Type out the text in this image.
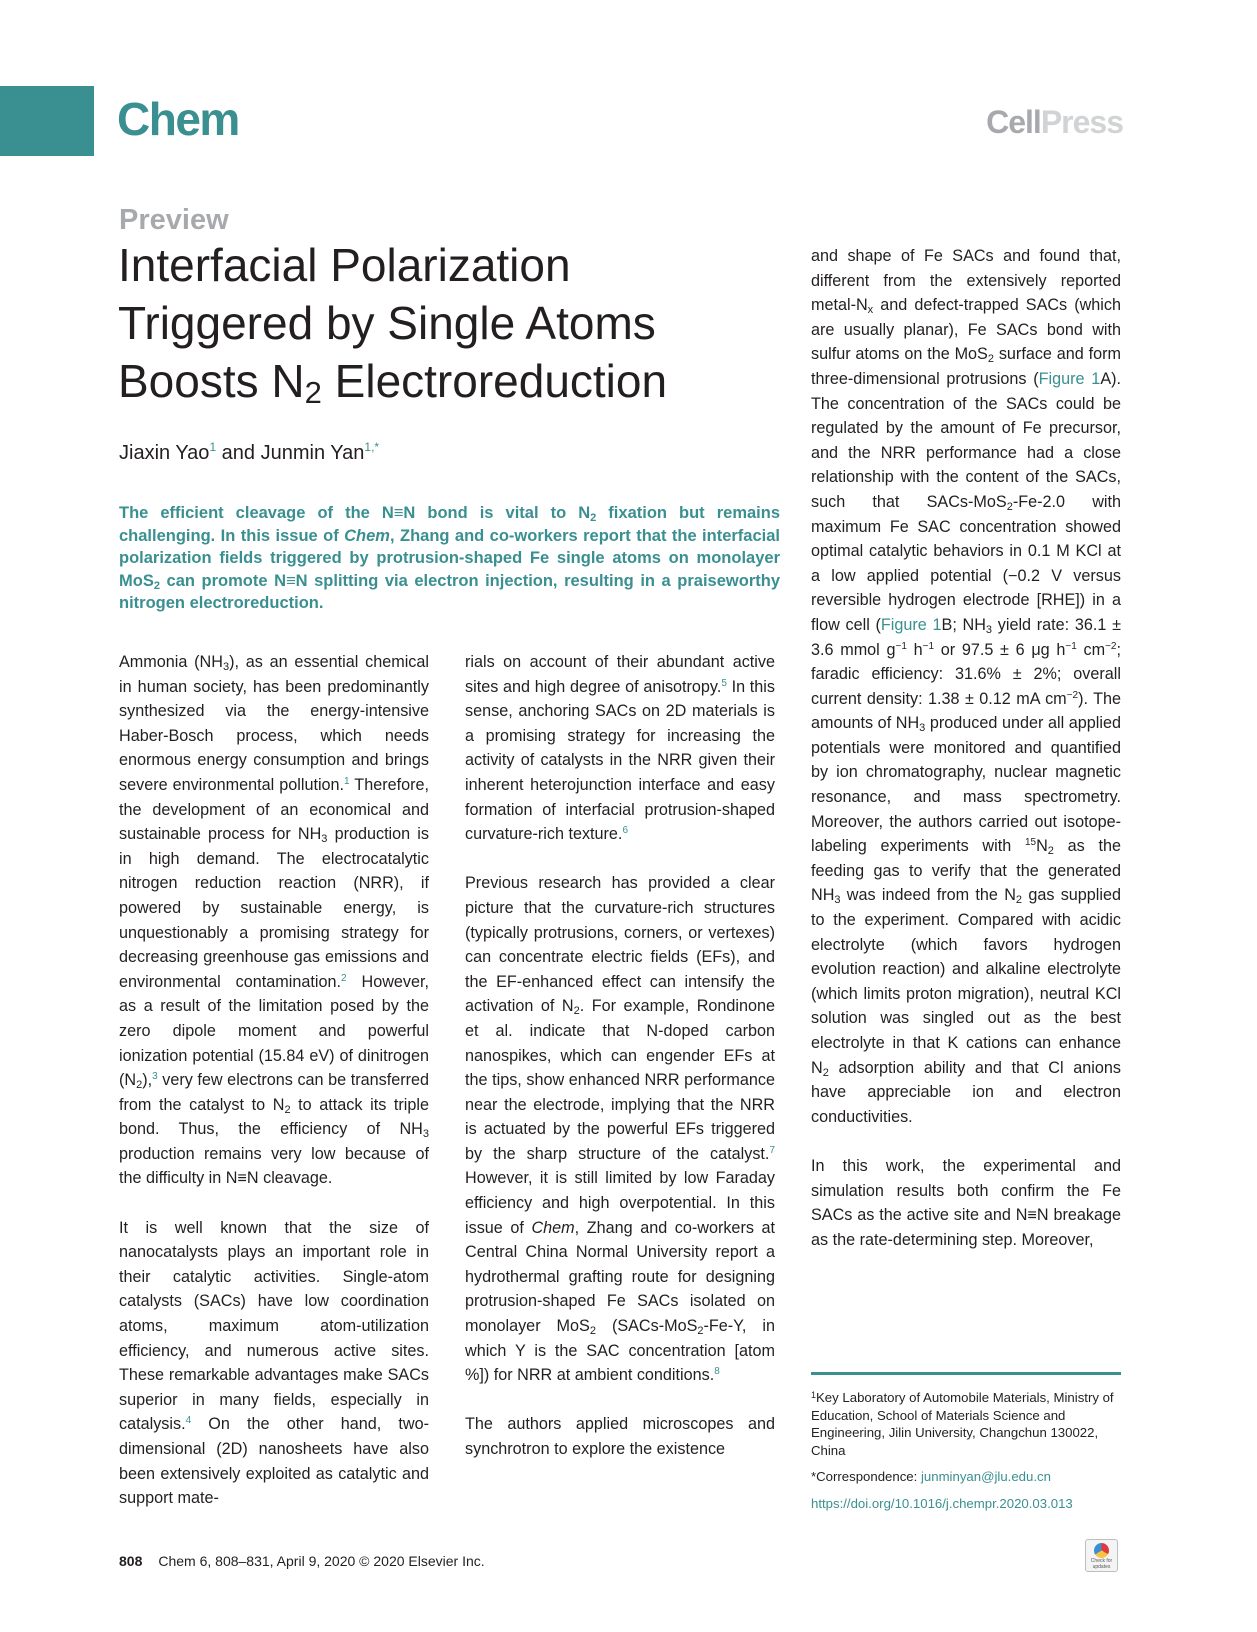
Chem	CellPress
Preview
Interfacial Polarization
Triggered by Single Atoms
Boosts $N_2$ Electroreduction
Jiaxin Yao$^1$ and Junmin Yan$^{1,*}$
The efficient cleavage of the N≡N bond is vital to $N_2$ fixation but remains challenging. In this issue of Chem, Zhang and co-workers report that the interfacial polarization fields triggered by protrusion-shaped Fe single atoms on monolayer MoS$_2$ can promote N≡N splitting via electron injection, resulting in a praiseworthy nitrogen electroreduction.

Ammonia $(NH_3)$, as an essential chemical in human society, has been predominantly synthesized via the energy-intensive Haber-Bosch process, which needs enormous energy consumption and brings severe environmental pollution.$^1$ Therefore, the development of an economical and sustainable process for $NH_3$ production is in high demand. The electrocatalytic nitrogen reduction reaction (NRR), if powered by sustainable energy, is unquestionably a promising strategy for decreasing greenhouse gas emissions and environmental contamination.$^2$ However, as a result of the limitation posed by the zero dipole moment and powerful ionization potential (15.84 eV) of dinitrogen $(N_2),^3$ very few electrons can be transferred from the catalyst to $N_2$ to attack its triple bond. Thus, the efficiency of $NH_3$ production remains very low because of the difficulty in N≡N cleavage.

It is well known that the size of nanocatalysts plays an important role in their catalytic activities. Single-atom catalysts (SACs) have low coordination atoms, maximum atom-utilization efficiency, and numerous active sites. These remarkable advantages make SACs superior in many fields, especially in catalysis.$^4$ On the other hand, two-dimensional (2D) nanosheets have also been extensively exploited as catalytic and support mate-

rials on account of their abundant active sites and high degree of anisotropy.$^5$ In this sense, anchoring SACs on 2D materials is a promising strategy for increasing the activity of catalysts in the NRR given their inherent heterojunction interface and easy formation of interfacial protrusion-shaped curvature-rich texture.$^6$

Previous research has provided a clear picture that the curvature-rich structures (typically protrusions, corners, or vertexes) can concentrate electric fields (EFs), and the EF-enhanced effect can intensify the activation of $N_2$. For example, Rondinone et al. indicate that N-doped carbon nanospikes, which can engender EFs at the tips, show enhanced NRR performance near the electrode, implying that the NRR is actuated by the powerful EFs triggered by the sharp structure of the catalyst.$^7$ However, it is still limited by low Faraday efficiency and high overpotential. In this issue of Chem, Zhang and co-workers at Central China Normal University report a hydrothermal grafting route for designing protrusion-shaped Fe SACs isolated on monolayer MoS$_2$ (SACs-MoS$_2$-Fe-Y, in which Y is the SAC concentration [atom %]) for NRR at ambient conditions.$^8$

The authors applied microscopes and synchrotron to explore the existence

and shape of Fe SACs and found that, different from the extensively reported metal-$N_x$ and defect-trapped SACs (which are usually planar), Fe SACs bond with sulfur atoms on the MoS$_2$ surface and form three-dimensional protrusions (Figure 1A). The concentration of the SACs could be regulated by the amount of Fe precursor, and the NRR performance had a close relationship with the content of the SACs, such that SACs-MoS$_2$-Fe-2.0 with maximum Fe SAC concentration showed optimal catalytic behaviors in 0.1 M KCl at a low applied potential (−0.2 V versus reversible hydrogen electrode [RHE]) in a flow cell (Figure 1B; $NH_3$ yield rate: 36.1 ± 3.6 mmol $g^{-1}$ $h^{-1}$ or 97.5 ± 6 μg $h^{-1}$ $cm^{-2}$; faradic efficiency: 31.6% ± 2%; overall current density: 1.38 ± 0.12 mA $cm^{-2}$). The amounts of $NH_3$ produced under all applied potentials were monitored and quantified by ion chromatography, nuclear magnetic resonance, and mass spectrometry. Moreover, the authors carried out isotope-labeling experiments with $^{15}N_2$ as the feeding gas to verify that the generated $NH_3$ was indeed from the $N_2$ gas supplied to the experiment. Compared with acidic electrolyte (which favors hydrogen evolution reaction) and alkaline electrolyte (which limits proton migration), neutral KCl solution was singled out as the best electrolyte in that K cations can enhance $N_2$ adsorption ability and that Cl anions have appreciable ion and electron conductivities.

In this work, the experimental and simulation results both confirm the Fe SACs as the active site and N≡N breakage as the rate-determining step. Moreover,

$^1$Key Laboratory of Automobile Materials, Ministry of Education, School of Materials Science and Engineering, Jilin University, Changchun 130022, China
*Correspondence: junminyan@jlu.edu.cn
https://doi.org/10.1016/j.chempr.2020.03.013
808 Chem 6, 808–831, April 9, 2020 © 2020 Elsevier Inc.	Check for
updates
